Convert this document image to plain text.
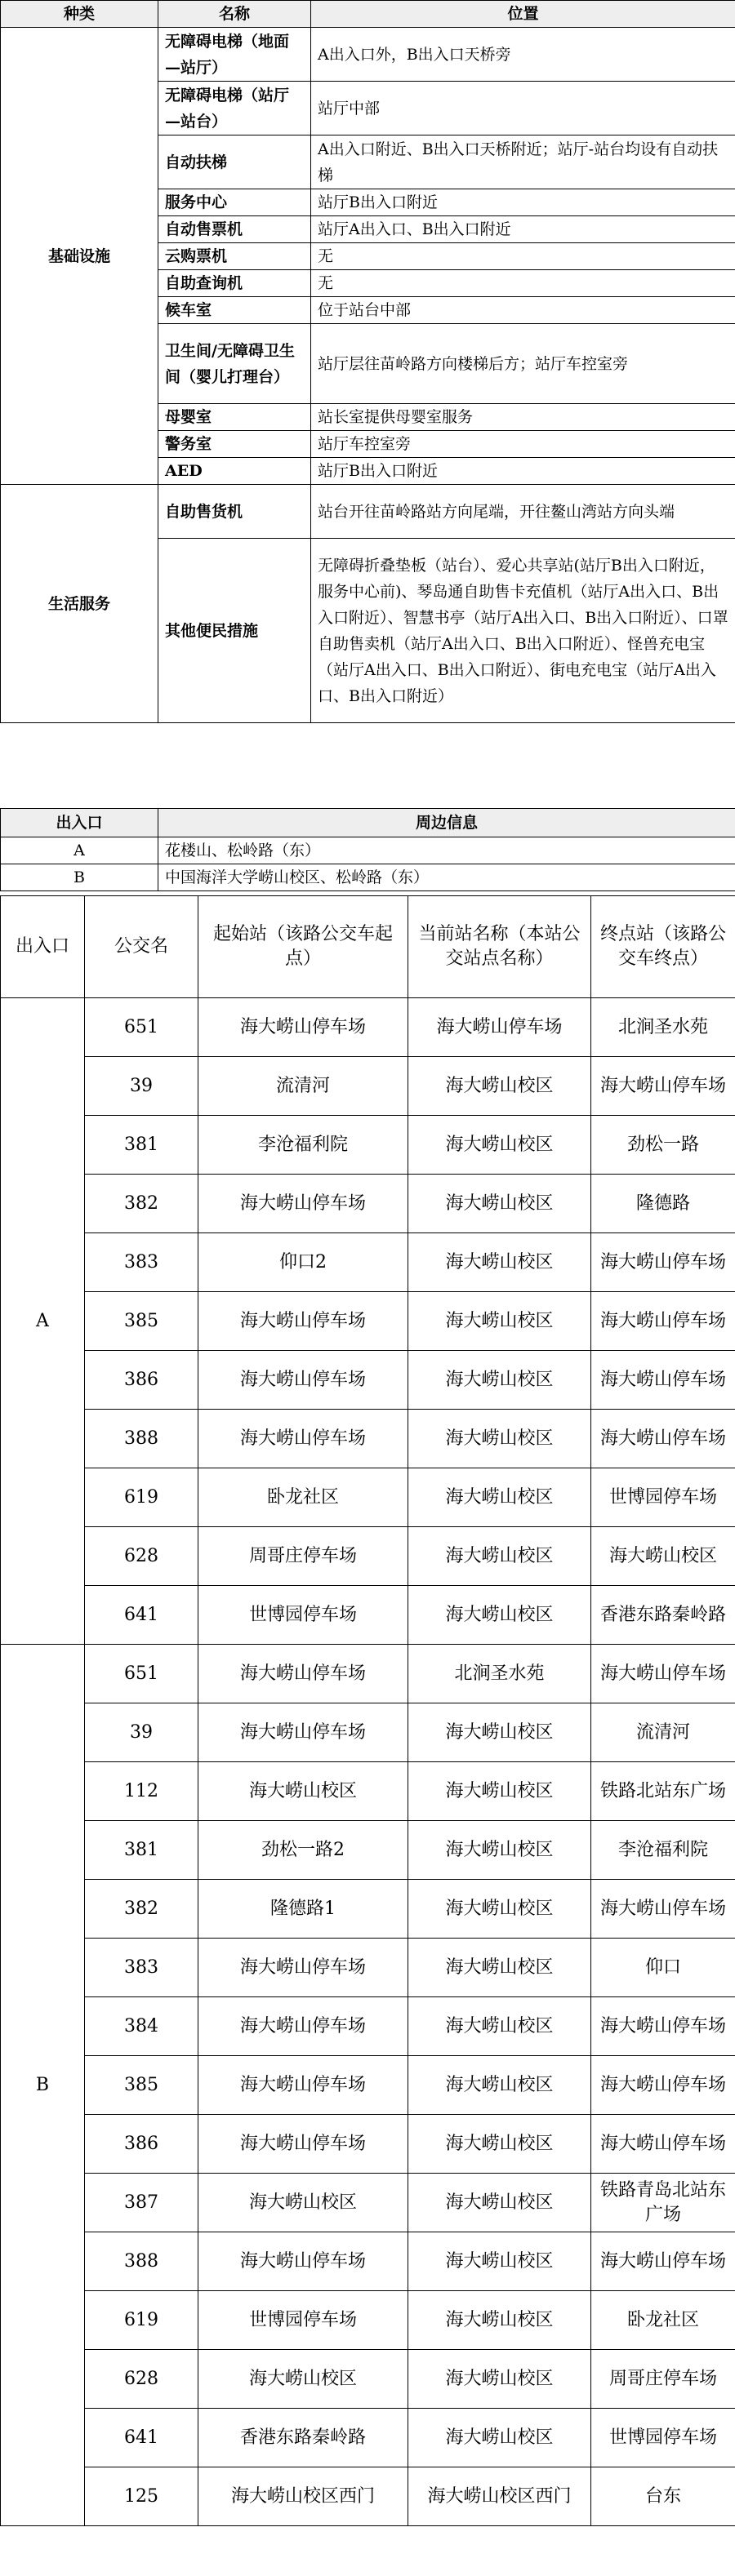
种类	名称	位置
基础设施	无障碍电梯（地面—站厅）	A出入口外，B出入口天桥旁
	无障碍电梯（站厅—站台）	站厅中部
	自动扶梯	A出入口附近、B出入口天桥附近；站厅-站台均设有自动扶梯
	服务中心	站厅B出入口附近
	自动售票机	站厅A出入口、B出入口附近
	云购票机	无
	自助查询机	无
	候车室	位于站台中部
	卫生间/无障碍卫生间（婴儿打理台）	站厅层往苗岭路方向楼梯后方；站厅车控室旁
	母婴室	站长室提供母婴室服务
	警务室	站厅车控室旁
	AED	站厅B出入口附近
生活服务	自助售货机	站台开往苗岭路站方向尾端，开往鳌山湾站方向头端
	其他便民措施	无障碍折叠垫板（站台）、爱心共享站(站厅B出入口附近，服务中心前)、琴岛通自助售卡充值机（站厅A出入口、B出入口附近）、智慧书亭（站厅A出入口、B出入口附近）、口罩自助售卖机（站厅A出入口、B出入口附近）、怪兽充电宝（站厅A出入口、B出入口附近）、街电充电宝（站厅A出入口、B出入口附近）
出入口	周边信息
A	花楼山、松岭路（东）
B	中国海洋大学崂山校区、松岭路（东）
出入口	公交名	起始站（该路公交车起点）	当前站名称（本站公交站点名称）	终点站（该路公交车终点）
A	651	海大崂山停车场	海大崂山停车场	北涧圣水苑
	39	流清河	海大崂山校区	海大崂山停车场
	381	李沧福利院	海大崂山校区	劲松一路
	382	海大崂山停车场	海大崂山校区	隆德路
	383	仰口2	海大崂山校区	海大崂山停车场
	385	海大崂山停车场	海大崂山校区	海大崂山停车场
	386	海大崂山停车场	海大崂山校区	海大崂山停车场
	388	海大崂山停车场	海大崂山校区	海大崂山停车场
	619	卧龙社区	海大崂山校区	世博园停车场
	628	周哥庄停车场	海大崂山校区	海大崂山校区
	641	世博园停车场	海大崂山校区	香港东路秦岭路
B	651	海大崂山停车场	北涧圣水苑	海大崂山停车场
	39	海大崂山停车场	海大崂山校区	流清河
	112	海大崂山校区	海大崂山校区	铁路北站东广场
	381	劲松一路2	海大崂山校区	李沧福利院
	382	隆德路1	海大崂山校区	海大崂山停车场
	383	海大崂山停车场	海大崂山校区	仰口
	384	海大崂山停车场	海大崂山校区	海大崂山停车场
	385	海大崂山停车场	海大崂山校区	海大崂山停车场
	386	海大崂山停车场	海大崂山校区	海大崂山停车场
	387	海大崂山校区	海大崂山校区	铁路青岛北站东广场
	388	海大崂山停车场	海大崂山校区	海大崂山停车场
	619	世博园停车场	海大崂山校区	卧龙社区
	628	海大崂山校区	海大崂山校区	周哥庄停车场
	641	香港东路秦岭路	海大崂山校区	世博园停车场
	125	海大崂山校区西门	海大崂山校区西门	台东
